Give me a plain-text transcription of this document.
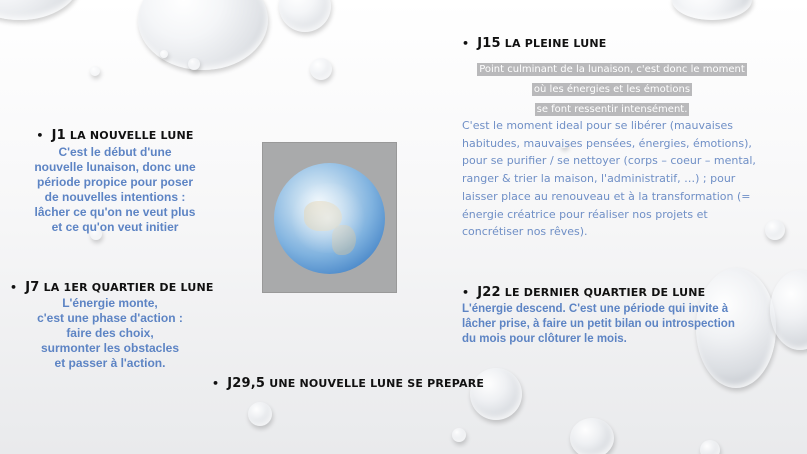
• J15 LA PLEINE LUNE
Point culminant de la lunaison, c'est donc le moment
où les énergies et les émotions
se font ressentir intensément.
C'est le moment ideal pour se libérer (mauvaises
habitudes, mauvaises pensées, énergies, émotions),
pour se purifier / se nettoyer (corps – coeur – mental,
ranger & trier la maison, l'administratif, …) ; pour
laisser place au renouveau et à la transformation (=
énergie créatrice pour réaliser nos projets et
concrétiser nos rêves).
• J1 LA NOUVELLE LUNE
C'est le début d'une
nouvelle lunaison, donc une
période propice pour poser
de nouvelles intentions :
lâcher ce qu'on ne veut plus
et ce qu'on veut initier
• J7 LA 1ER QUARTIER DE LUNE
L'énergie monte,
c'est une phase d'action :
faire des choix,
surmonter les obstacles
et passer à l'action.
• J22 LE DERNIER QUARTIER DE LUNE
L'énergie descend. C'est une période qui invite à
lâcher prise, à faire un petit bilan ou introspection
du mois pour clôturer le mois.
• J29,5 UNE NOUVELLE LUNE SE PREPARE
